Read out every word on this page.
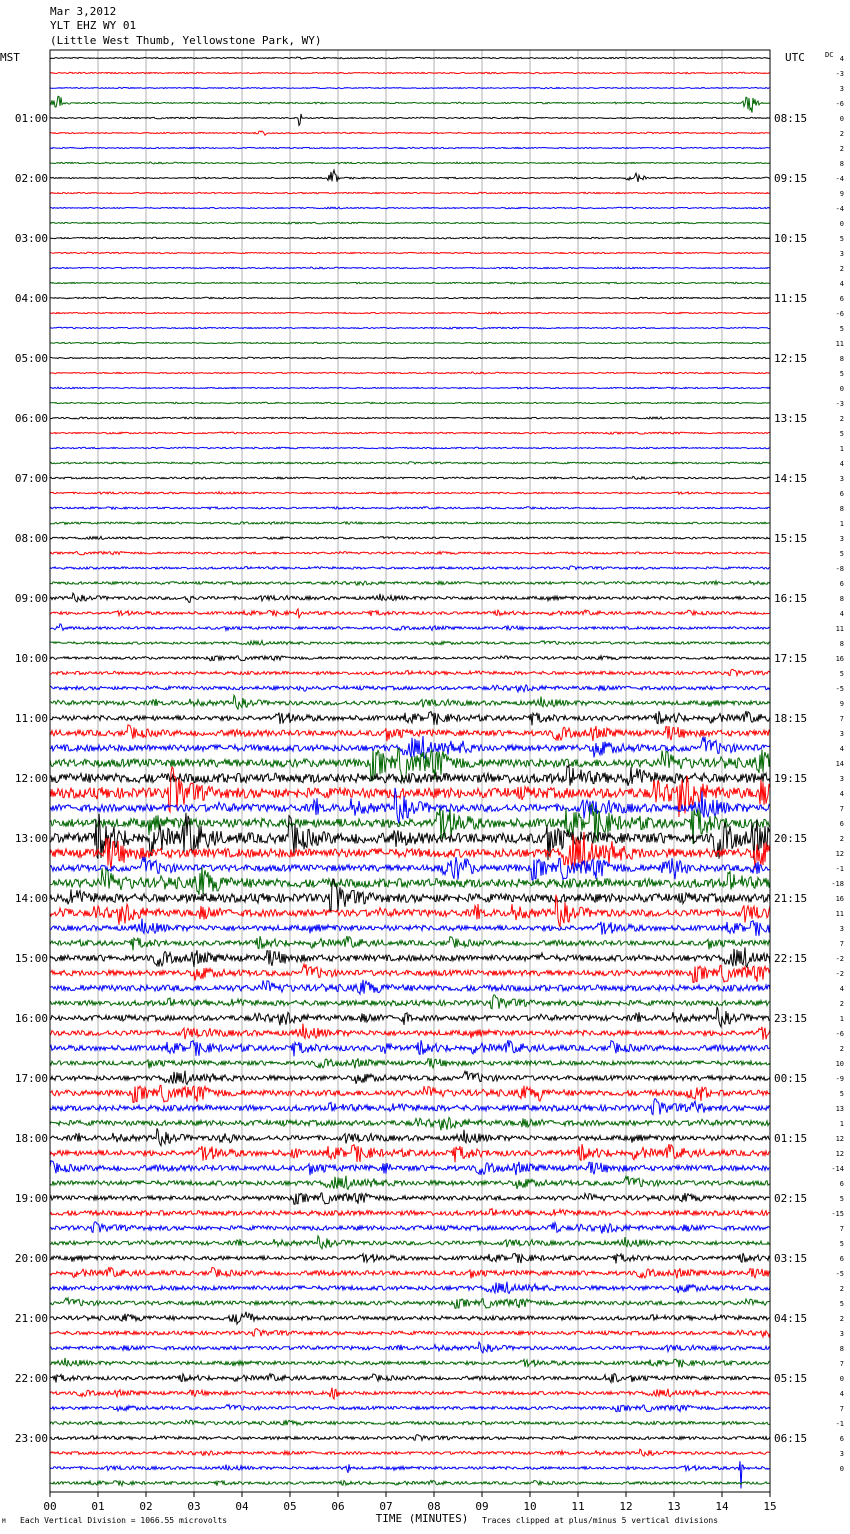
Mar 3,2012
YLT EHZ WY 01
(Little West Thumb, Yellowstone Park, WY)
MST	UTC	DC
00	01	02	03	04	05	06	07	08	09	10	11	12	13	14	15
01:00	08:15
02:00	09:15
03:00	10:15
04:00	11:15
05:00	12:15
06:00	13:15
07:00	14:15
08:00	15:15
09:00	16:15
10:00	17:15
11:00	18:15
12:00	19:15
13:00	20:15
14:00	21:15
15:00	22:15
16:00	23:15
17:00	00:15
18:00	01:15
19:00	02:15
20:00	03:15
21:00	04:15
22:00	05:15
23:00	06:15
4
-3
3
-6
0
2
2
8
-4
9
-4
0
5
3
2
4
6
-6
5
11
8
5
0
-3
2
5
1
4
3
6
8
1
3
5
-8
6
8
4
11
8
16
5
-5
9
7
3
4
14
3
4
7
6
2
12
-1
-18
16
11
3
7
-2
-2
4
2
1
-6
2
10
-9
5
13
1
12
12
-14
6
5
-15
7
5
6
-5
2
5
2
3
8
7
0
4
7
-1
6
3
0
TIME (MINUTES)
M Each Vertical Division = 1066.55 microvolts	Traces clipped at plus/minus 5 vertical divisions
